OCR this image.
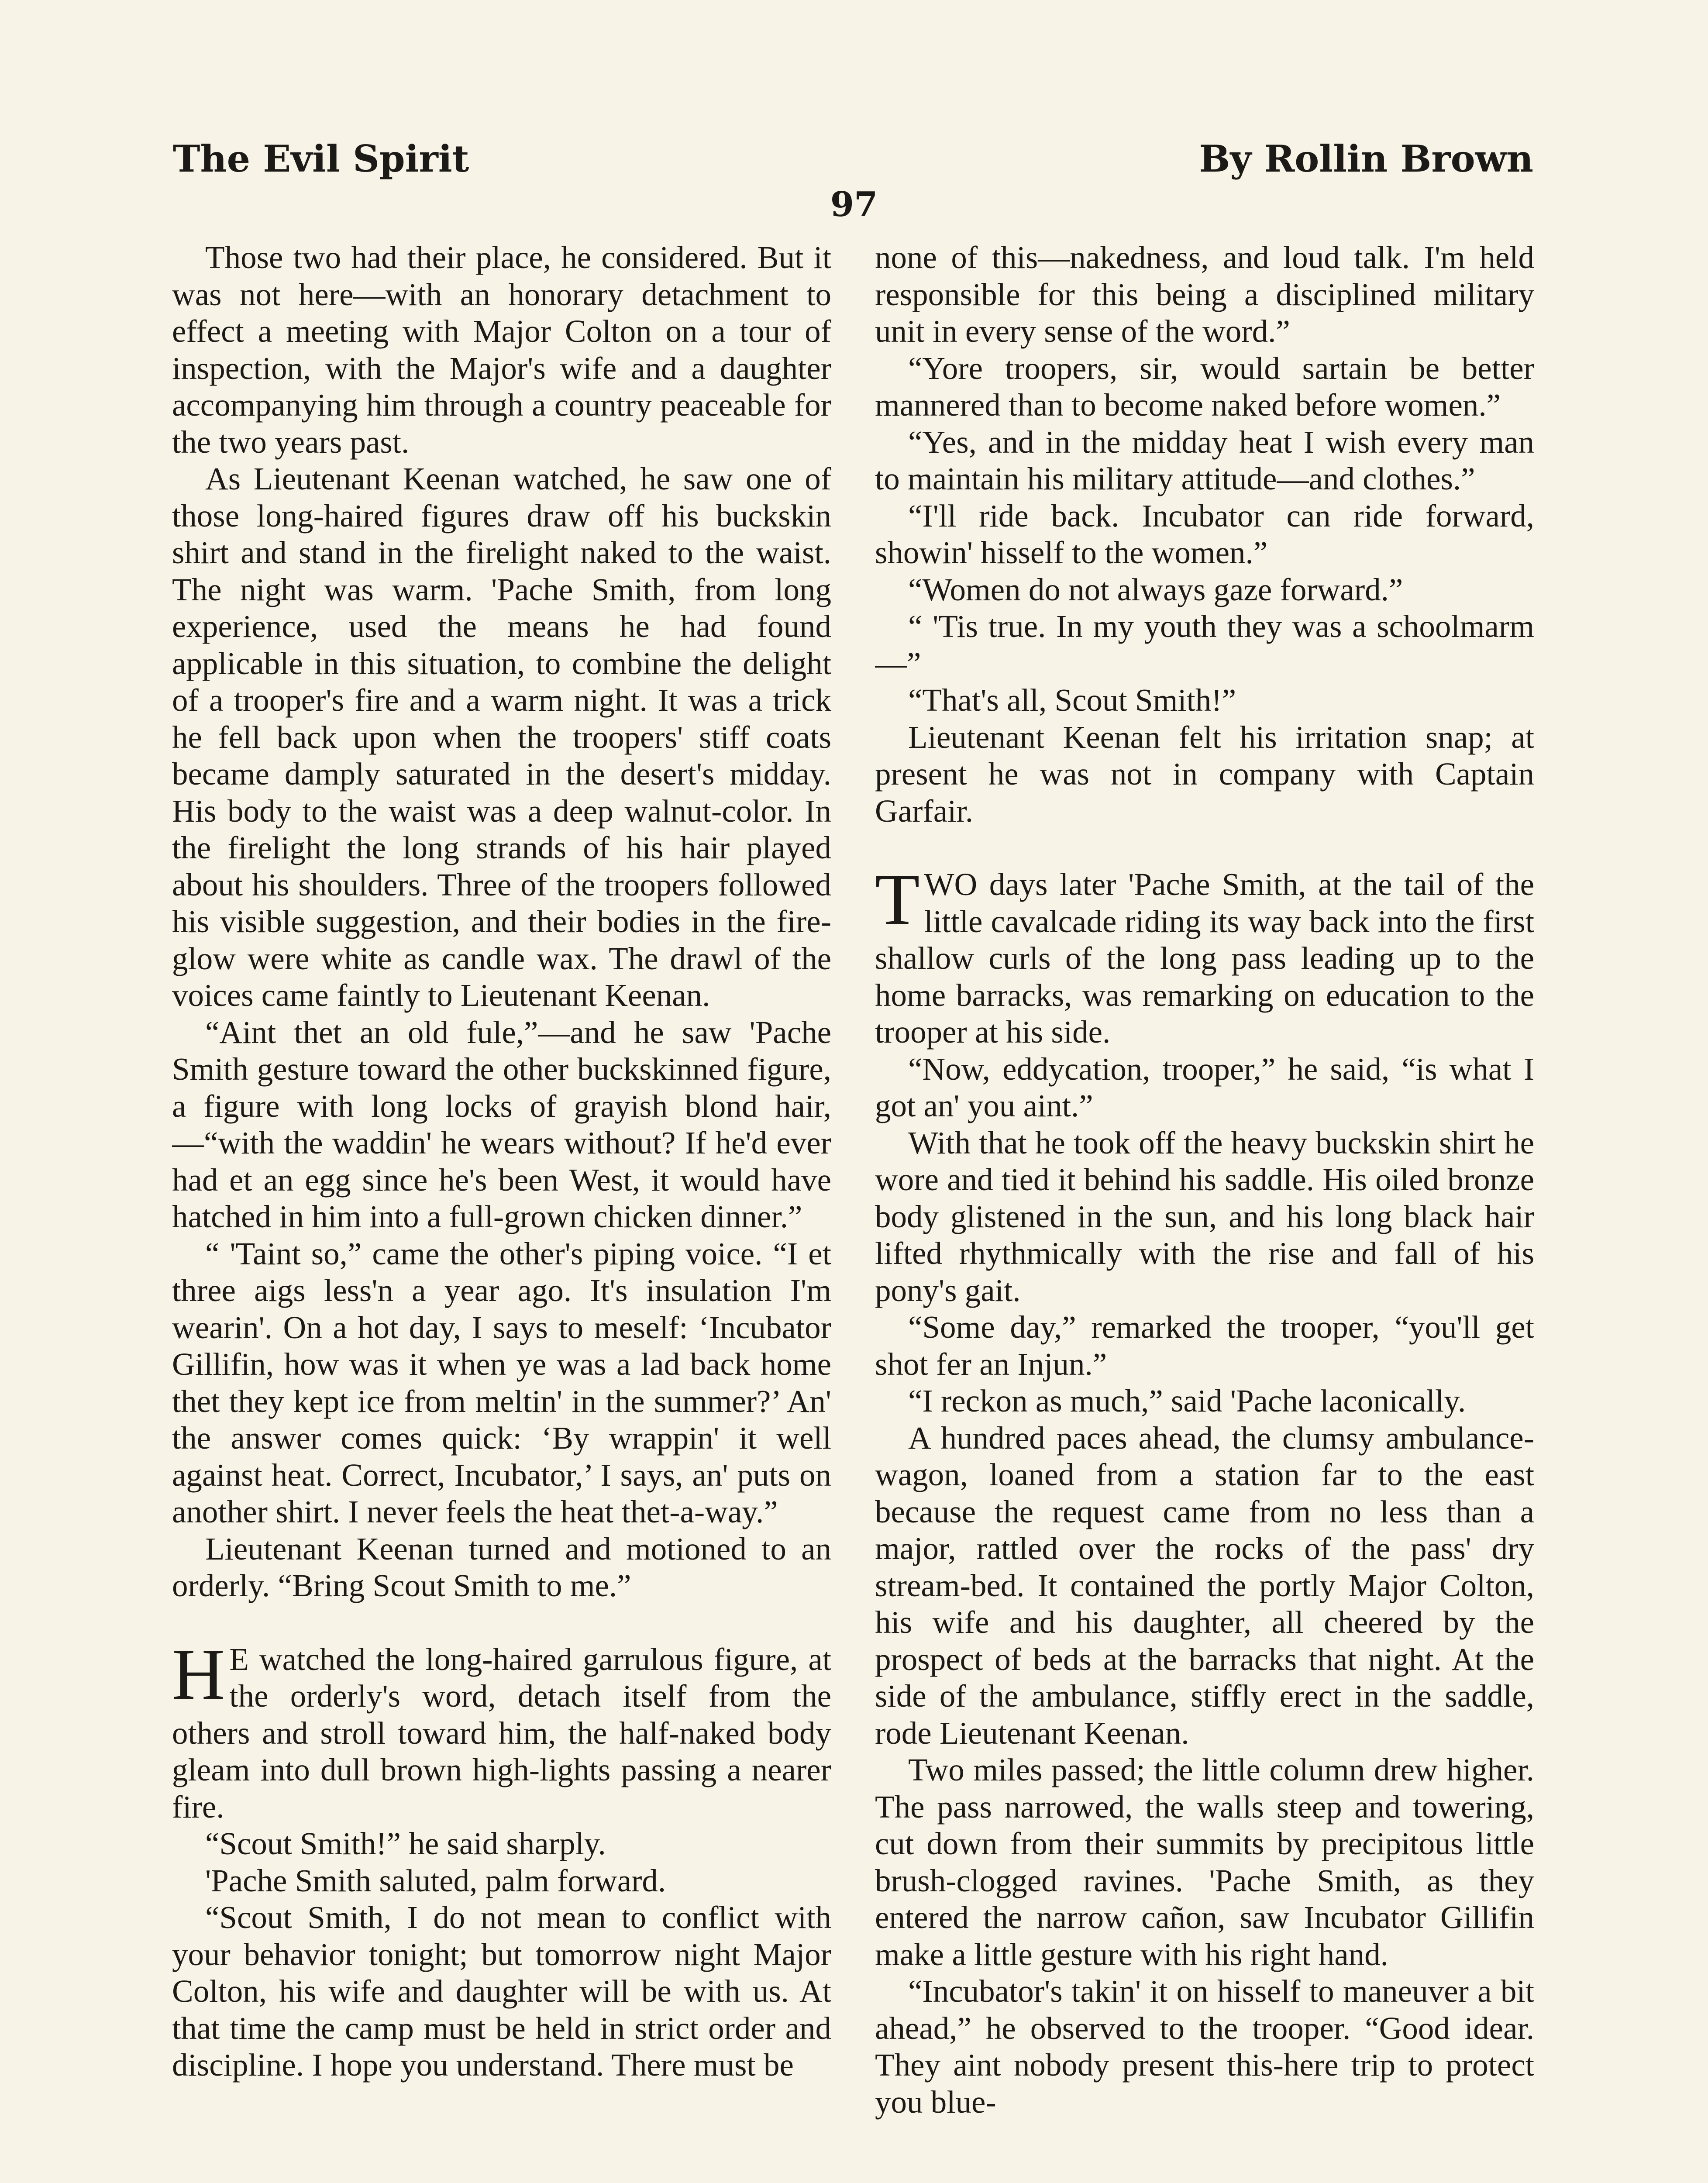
The Evil Spirit	By Rollin Brown
97

Those two had their place, he considered. But it was not here—with an honorary detachment to effect a meeting with Major Colton on a tour of inspection, with the Major's wife and a daughter accompanying him through a country peaceable for the two years past.

As Lieutenant Keenan watched, he saw one of those long-haired figures draw off his buckskin shirt and stand in the firelight naked to the waist. The night was warm. 'Pache Smith, from long experience, used the means he had found applicable in this situation, to combine the delight of a trooper's fire and a warm night. It was a trick he fell back upon when the troopers' stiff coats became damply saturated in the desert's midday. His body to the waist was a deep walnut-color. In the firelight the long strands of his hair played about his shoulders. Three of the troopers followed his visible suggestion, and their bodies in the fire-glow were white as candle wax. The drawl of the voices came faintly to Lieutenant Keenan.

“Aint thet an old fule,”—and he saw 'Pache Smith gesture toward the other buckskinned figure, a figure with long locks of grayish blond hair,—“with the waddin' he wears without? If he'd ever had et an egg since he's been West, it would have hatched in him into a full-grown chicken dinner.”

“ 'Taint so,” came the other's piping voice. “I et three aigs less'n a year ago. It's insulation I'm wearin'. On a hot day, I says to meself: ‘Incubator Gillifin, how was it when ye was a lad back home thet they kept ice from meltin' in the summer?’ An' the answer comes quick: ‘By wrappin' it well against heat. Correct, Incubator,’ I says, an' puts on another shirt. I never feels the heat thet-a-way.”

Lieutenant Keenan turned and motioned to an orderly. “Bring Scout Smith to me.”

H E watched the long-haired garrulous figure, at the orderly's word, detach itself from the others and stroll toward him, the half-naked body gleam into dull brown high-lights passing a nearer fire.

“Scout Smith!” he said sharply.

'Pache Smith saluted, palm forward.

“Scout Smith, I do not mean to conflict with your behavior tonight; but tomorrow night Major Colton, his wife and daughter will be with us. At that time the camp must be held in strict order and discipline. I hope you understand. There must be

none of this—nakedness, and loud talk. I'm held responsible for this being a disciplined military unit in every sense of the word.”

“Yore troopers, sir, would sartain be better mannered than to become naked before women.”

“Yes, and in the midday heat I wish every man to maintain his military attitude—and clothes.”

“I'll ride back. Incubator can ride forward, showin' hisself to the women.”

“Women do not always gaze forward.”

“ 'Tis true. In my youth they was a schoolmarm—”

“That's all, Scout Smith!”

Lieutenant Keenan felt his irritation snap; at present he was not in company with Captain Garfair.

TWO days later 'Pache Smith, at the tail of the little cavalcade riding its way back into the first shallow curls of the long pass leading up to the home barracks, was remarking on education to the trooper at his side.

“Now, eddycation, trooper,” he said, “is what I got an' you aint.”

With that he took off the heavy buckskin shirt he wore and tied it behind his saddle. His oiled bronze body glistened in the sun, and his long black hair lifted rhythmically with the rise and fall of his pony's gait.

“Some day,” remarked the trooper, “you'll get shot fer an Injun.”

“I reckon as much,” said 'Pache laconically.

A hundred paces ahead, the clumsy ambulance-wagon, loaned from a station far to the east because the request came from no less than a major, rattled over the rocks of the pass' dry stream-bed. It contained the portly Major Colton, his wife and his daughter, all cheered by the prospect of beds at the barracks that night. At the side of the ambulance, stiffly erect in the saddle, rode Lieutenant Keenan.

Two miles passed; the little column drew higher. The pass narrowed, the walls steep and towering, cut down from their summits by precipitous little brush-clogged ravines. 'Pache Smith, as they entered the narrow cañon, saw Incubator Gillifin make a little gesture with his right hand.

“Incubator's takin' it on hisself to maneuver a bit ahead,” he observed to the trooper. “Good idear. They aint nobody present this-here trip to protect you blue-
